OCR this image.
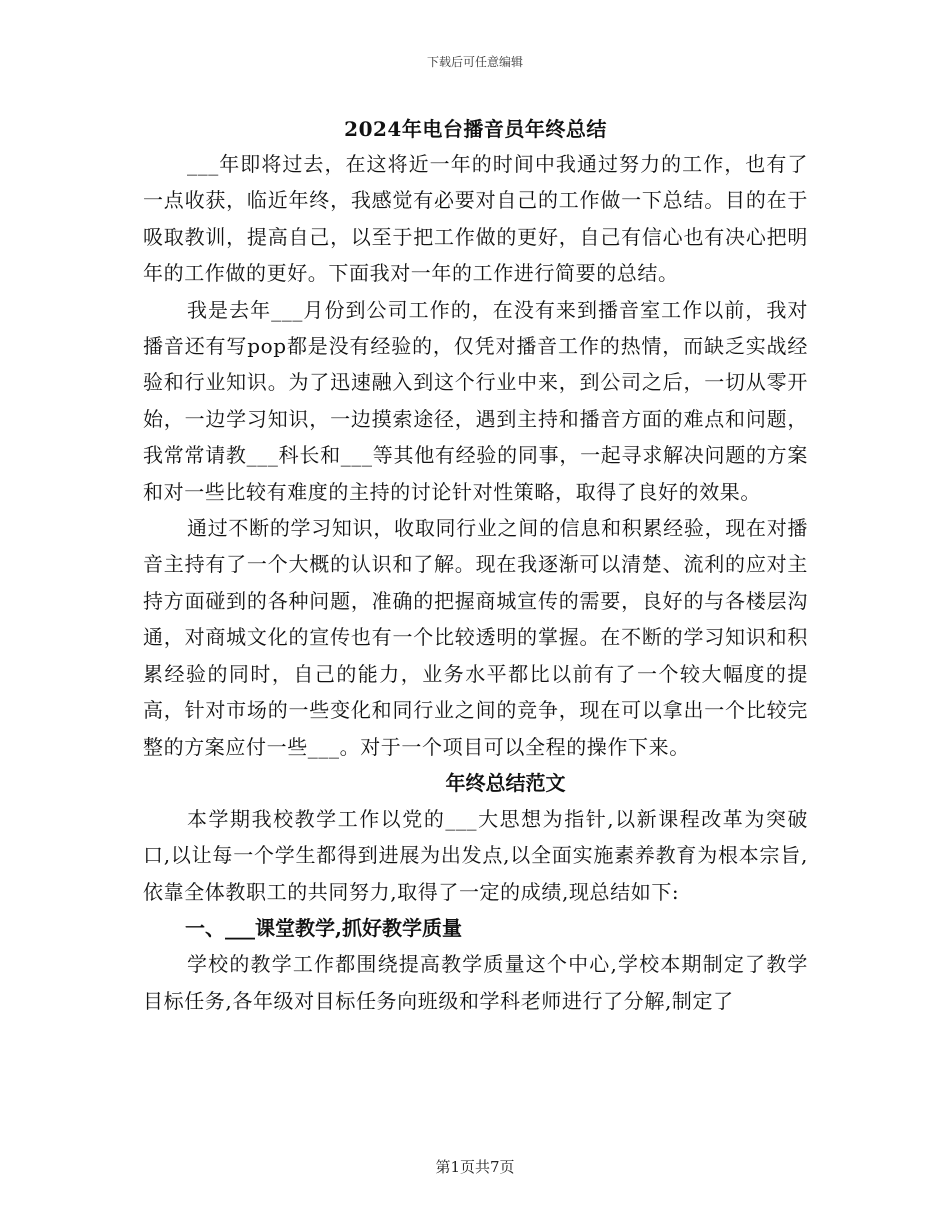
下载后可任意编辑
2024年电台播音员年终总结

___年即将过去，在这将近一年的时间中我通过努力的工作，也有了一点收获，临近年终，我感觉有必要对自己的工作做一下总结。目的在于吸取教训，提高自己，以至于把工作做的更好，自己有信心也有决心把明年的工作做的更好。下面我对一年的工作进行简要的总结。

我是去年___月份到公司工作的，在没有来到播音室工作以前，我对播音还有写pop都是没有经验的，仅凭对播音工作的热情，而缺乏实战经验和行业知识。为了迅速融入到这个行业中来，到公司之后，一切从零开始，一边学习知识，一边摸索途径，遇到主持和播音方面的难点和问题，我常常请教___科长和___等其他有经验的同事，一起寻求解决问题的方案和对一些比较有难度的主持的讨论针对性策略，取得了良好的效果。

通过不断的学习知识，收取同行业之间的信息和积累经验，现在对播音主持有了一个大概的认识和了解。现在我逐渐可以清楚、流利的应对主持方面碰到的各种问题，准确的把握商城宣传的需要，良好的与各楼层沟通，对商城文化的宣传也有一个比较透明的掌握。在不断的学习知识和积累经验的同时，自己的能力，业务水平都比以前有了一个较大幅度的提高，针对市场的一些变化和同行业之间的竞争，现在可以拿出一个比较完整的方案应付一些___。对于一个项目可以全程的操作下来。

年终总结范文

本学期我校教学工作以党的___大思想为指针,以新课程改革为突破口,以让每一个学生都得到进展为出发点,以全面实施素养教育为根本宗旨,依靠全体教职工的共同努力,取得了一定的成绩,现总结如下:

一、___课堂教学,抓好教学质量

学校的教学工作都围绕提高教学质量这个中心,学校本期制定了教学目标任务,各年级对目标任务向班级和学科老师进行了分解,制定了

第1页共7页
